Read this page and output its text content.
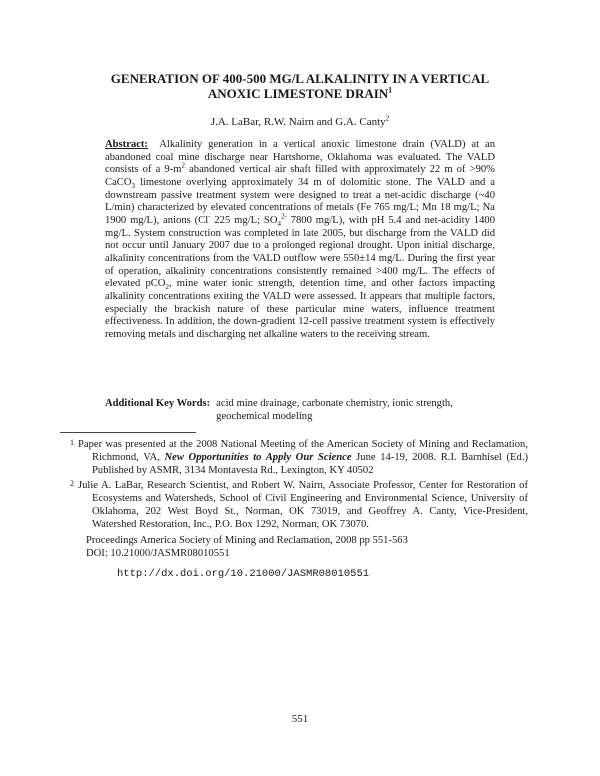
GENERATION OF 400-500 MG/L ALKALINITY IN A VERTICAL
ANOXIC LIMESTONE DRAIN$^1$
J.A. LaBar, R.W. Nairn and G.A. Canty$^2$
Abstract: Alkalinity generation in a vertical anoxic limestone drain (VALD) at an abandoned coal mine discharge near Hartshorne, Oklahoma was evaluated. The VALD consists of a $9-m^2$ abandoned vertical air shaft filled with approximately 22 m of >90% CaCO$_3$ limestone overlying approximately 34 m of dolomitic stone. The VALD and a downstream passive treatment system were designed to treat a net-acidic discharge (~40 L/min) characterized by elevated concentrations of metals (Fe 765 mg/L; Mn 18 mg/L; Na 1900 mg/L), anions (Cl- 225 mg/L; $SO_4^{2-}$ 7800 mg/L), with pH 5.4 and net-acidity 1400 mg/L. System construction was completed in late 2005, but discharge from the VALD did not occur until January 2007 due to a prolonged regional drought. Upon initial discharge, alkalinity concentrations from the VALD outflow were 550±14 mg/L. During the first year of operation, alkalinity concentrations consistently remained >400 mg/L. The effects of elevated pCO$_2$, mine water ionic strength, detention time, and other factors impacting alkalinity concentrations exiting the VALD were assessed. It appears that multiple factors, especially the brackish nature of these particular mine waters, influence treatment effectiveness. In addition, the down-gradient 12-cell passive treatment system is effectively removing metals and discharging net alkaline waters to the receiving stream.
Additional Key Words: acid mine drainage, carbonate chemistry, ionic strength, geochemical modeling
1 Paper was presented at the 2008 National Meeting of the American Society of Mining and Reclamation, Richmond, VA, New Opportunities to Apply Our Science June 14-19, 2008. R.I. Barnhisel (Ed.) Published by ASMR, 3134 Montavesta Rd., Lexington, KY 40502
2 Julie A. LaBar, Research Scientist, and Robert W. Nairn, Associate Professor, Center for Restoration of Ecosystems and Watersheds, School of Civil Engineering and Environmental Science, University of Oklahoma, 202 West Boyd St., Norman, OK 73019, and Geoffrey A. Canty, Vice-President, Watershed Restoration, Inc., P.O. Box 1292, Norman, OK 73070.
Proceedings America Society of Mining and Reclamation, 2008 pp 551-563
DOI: 10.21000/JASMR08010551
http://dx.doi.org/10.21000/JASMR08010551
551
